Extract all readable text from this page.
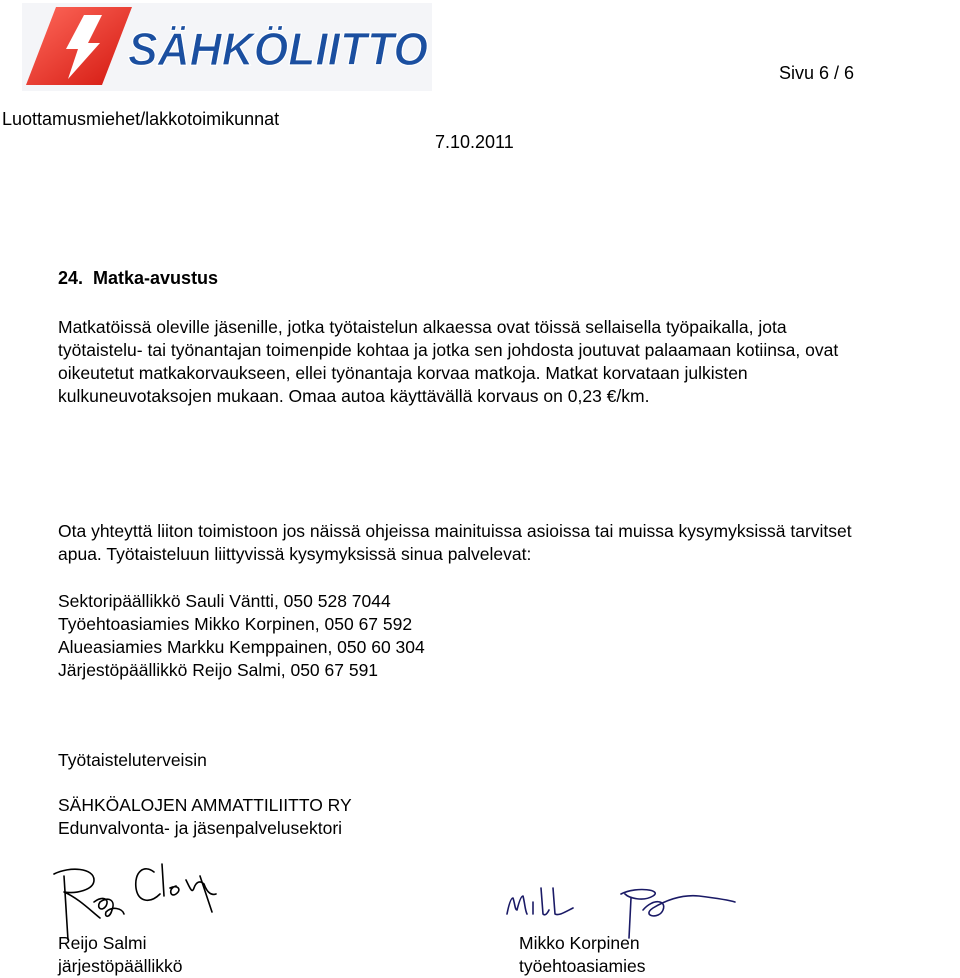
SÄHKÖLIITTO	Sivu 6 / 6
Luottamusmiehet/lakkotoimikunnat
7.10.2011
24.  Matka-avustus
Matkatöissä oleville jäsenille, jotka työtaistelun alkaessa ovat töissä sellaisella työpaikalla, jota
työtaistelu- tai työnantajan toimenpide kohtaa ja jotka sen johdosta joutuvat palaamaan kotiinsa, ovat
oikeutetut matkakorvaukseen, ellei työnantaja korvaa matkoja. Matkat korvataan julkisten
kulkuneuvotaksojen mukaan. Omaa autoa käyttävällä korvaus on 0,23 €/km.
Ota yhteyttä liiton toimistoon jos näissä ohjeissa mainituissa asioissa tai muissa kysymyksissä tarvitset
apua. Työtaisteluun liittyvissä kysymyksissä sinua palvelevat:
Sektoripäällikkö Sauli Väntti, 050 528 7044
Työehtoasiamies Mikko Korpinen, 050 67 592
Alueasiamies Markku Kemppainen, 050 60 304
Järjestöpäällikkö Reijo Salmi, 050 67 591
Työtaisteluterveisin
SÄHKÖALOJEN AMMATTILIITTO RY
Edunvalvonta- ja jäsenpalvelusektori
Reijo Salmi
järjestöpäällikkö
Mikko Korpinen
työehtoasiamies
